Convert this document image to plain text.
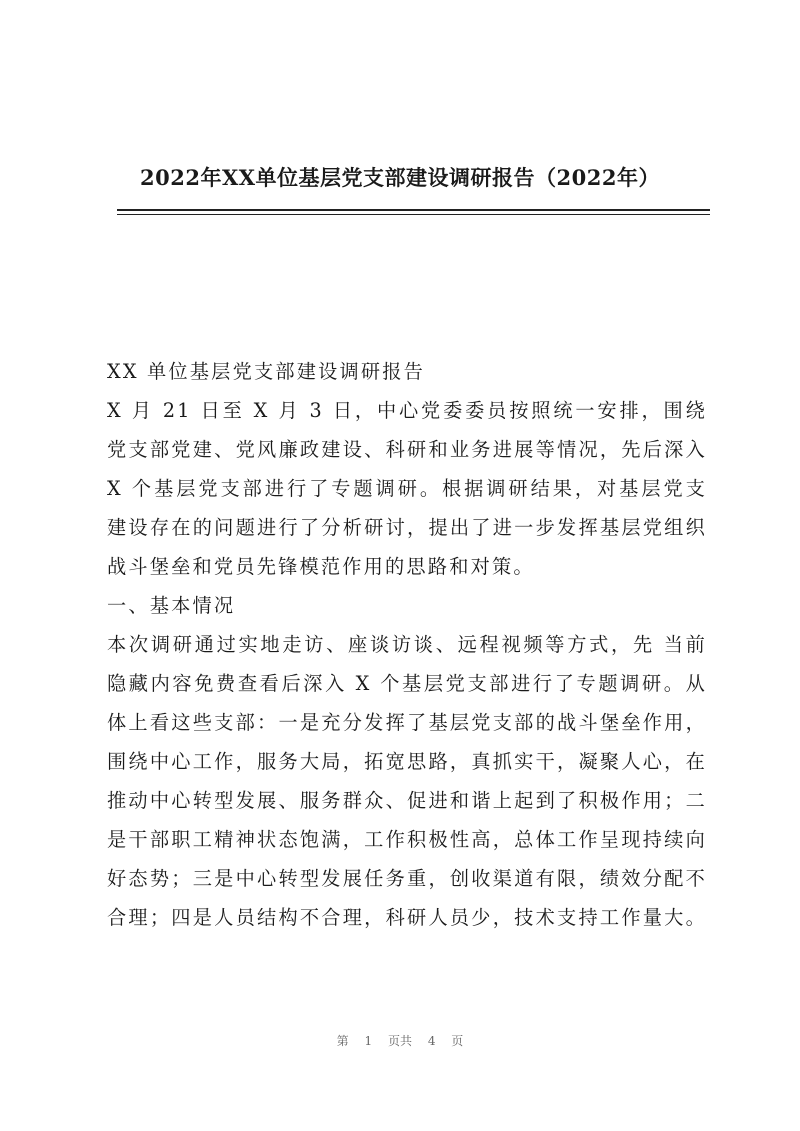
2022年XX单位基层党支部建设调研报告（2022年）
XX 单位基层党支部建设调研报告
X 月 21 日至 X 月 3 日，中心党委委员按照统一安排，围绕
党支部党建、党风廉政建设、科研和业务进展等情况，先后深入
X 个基层党支部进行了专题调研。根据调研结果，对基层党支
建设存在的问题进行了分析研讨，提出了进一步发挥基层党组织
战斗堡垒和党员先锋模范作用的思路和对策。
一、基本情况
本次调研通过实地走访、座谈访谈、远程视频等方式，先 当前
隐藏内容免费查看后深入 X 个基层党支部进行了专题调研。从
体上看这些支部：一是充分发挥了基层党支部的战斗堡垒作用，
围绕中心工作，服务大局，拓宽思路，真抓实干，凝聚人心，在
推动中心转型发展、服务群众、促进和谐上起到了积极作用；二
是干部职工精神状态饱满，工作积极性高，总体工作呈现持续向
好态势；三是中心转型发展任务重，创收渠道有限，绩效分配不
合理；四是人员结构不合理，科研人员少，技术支持工作量大。
第 1 页共 4 页
